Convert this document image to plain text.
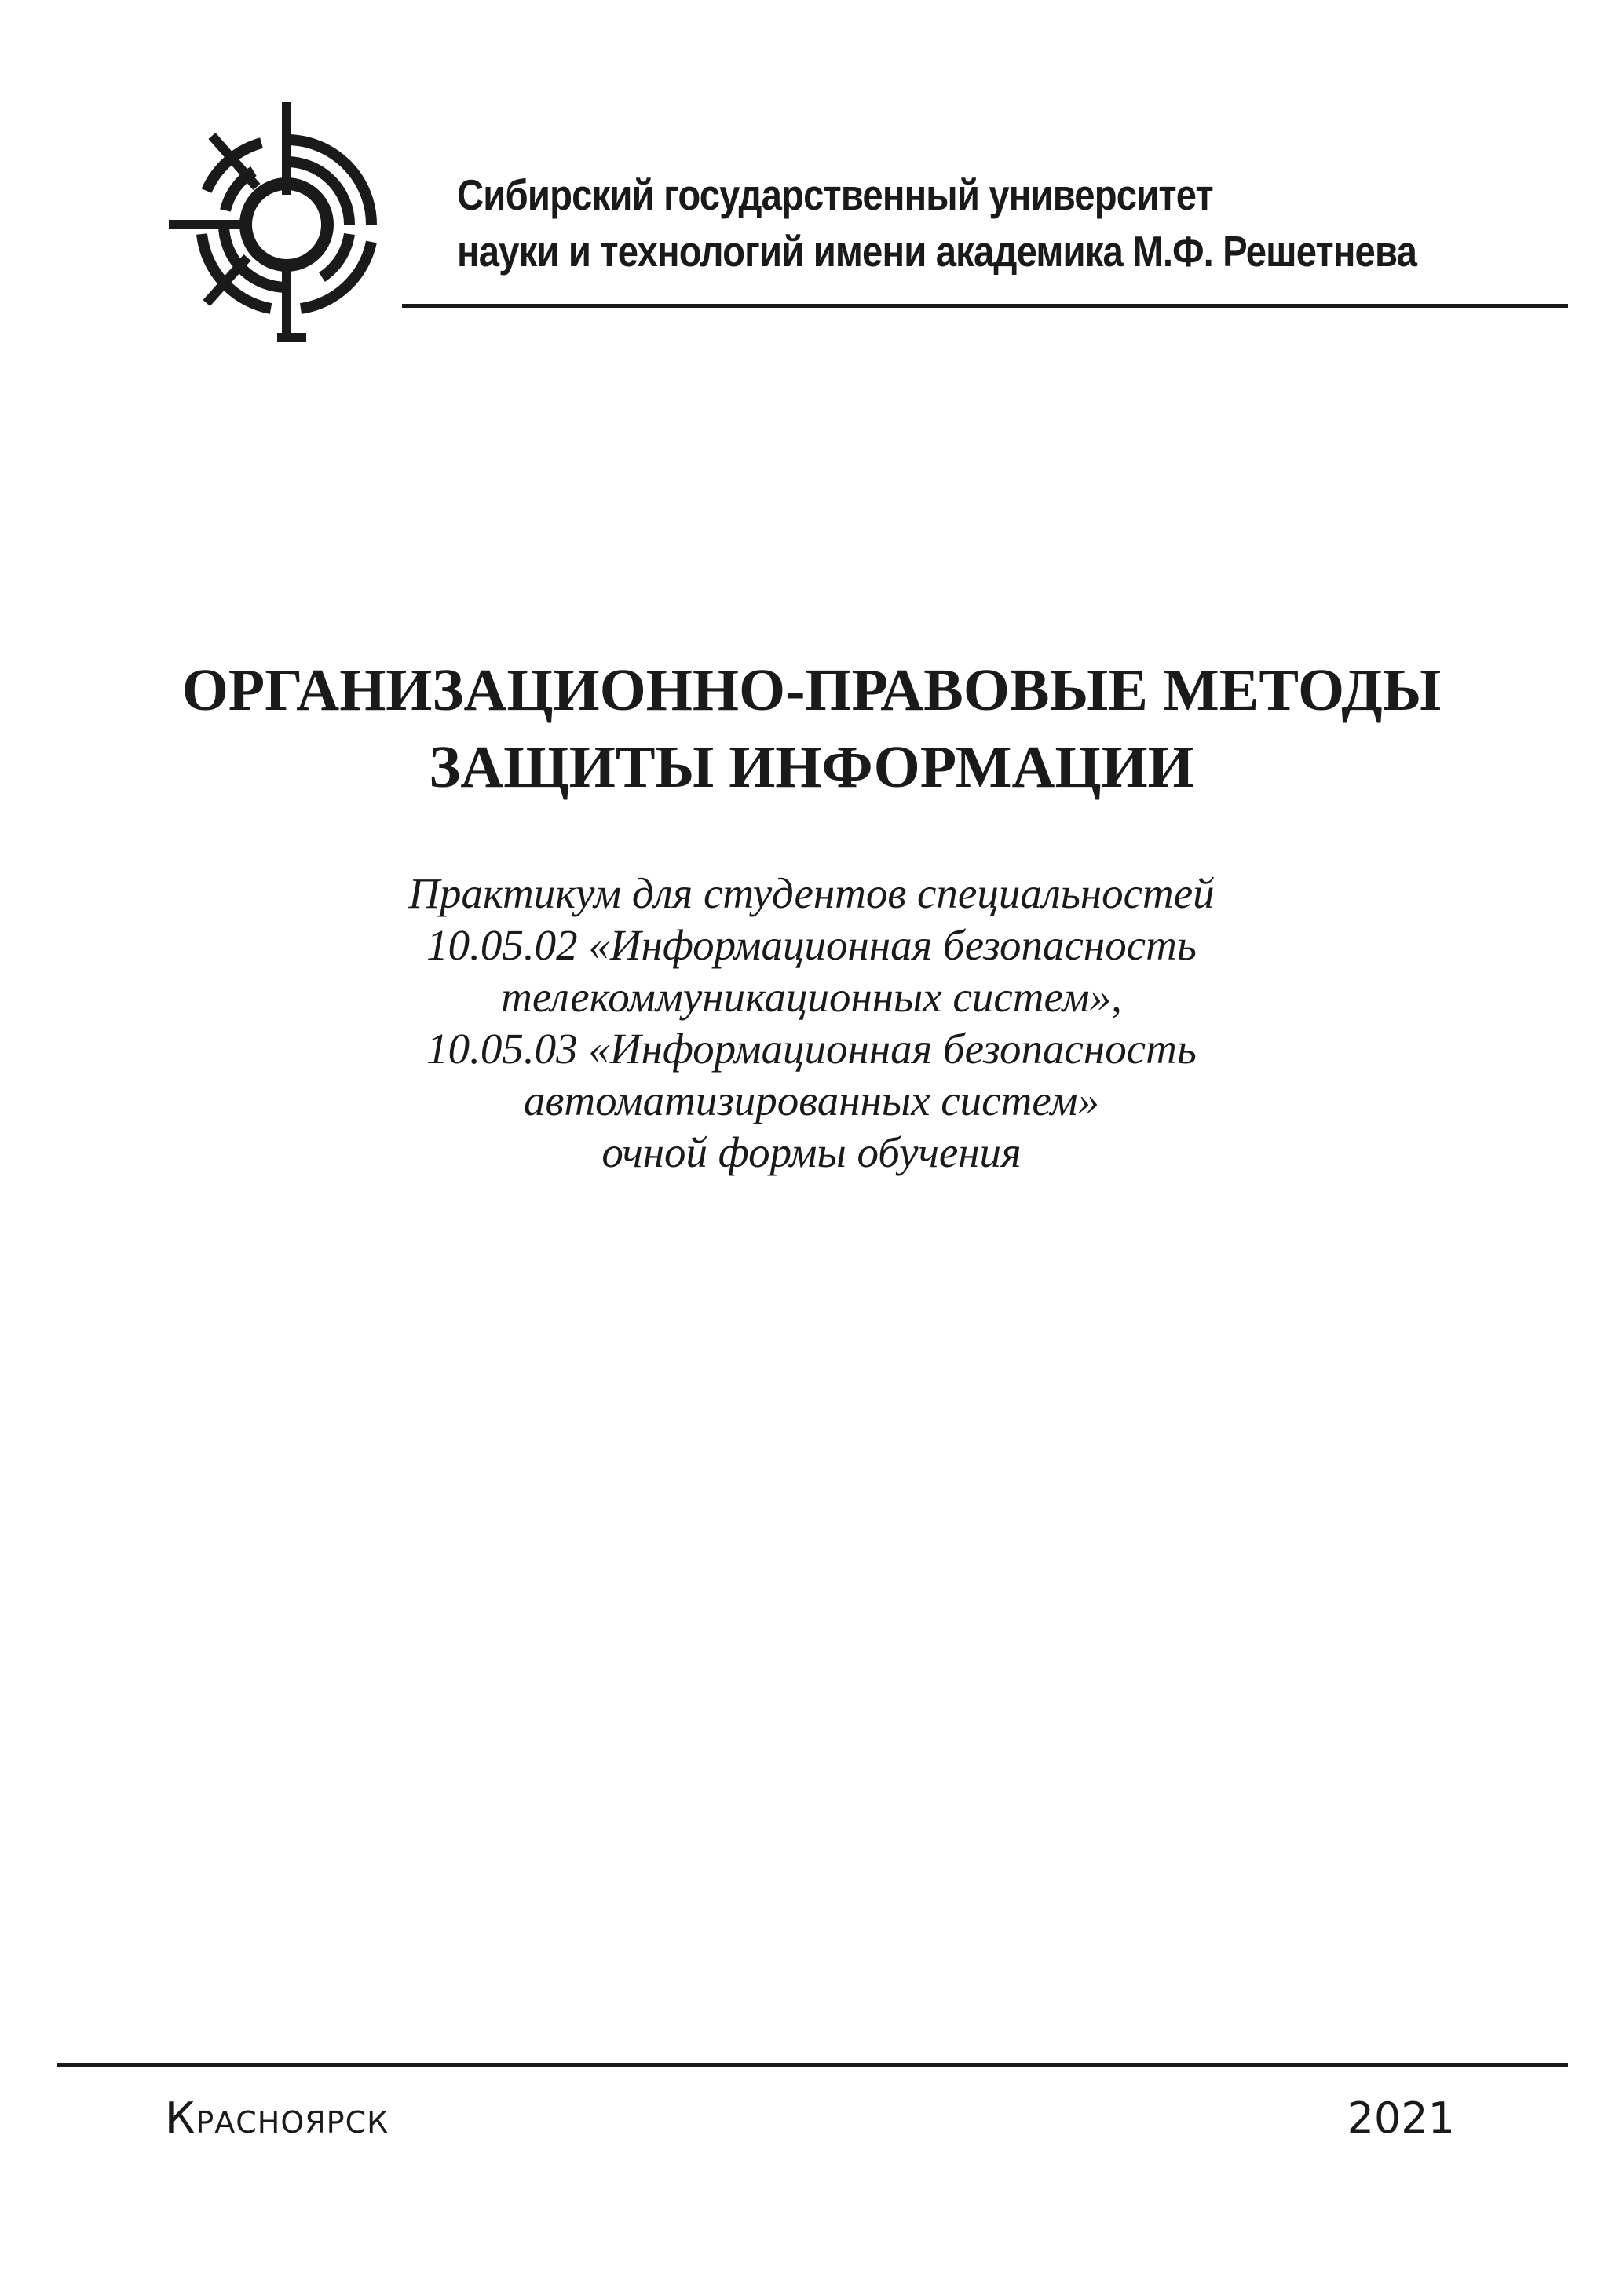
Сибирский государственный университет
науки и технологий имени академика М.Ф. Решетнева
ОРГАНИЗАЦИОННО-ПРАВОВЫЕ МЕТОДЫ
ЗАЩИТЫ ИНФОРМАЦИИ
Практикум для студентов специальностей
10.05.02 «Информационная безопасность
телекоммуникационных систем»,
10.05.03 «Информационная безопасность
автоматизированных систем»
очной формы обучения
Красноярск	2021
